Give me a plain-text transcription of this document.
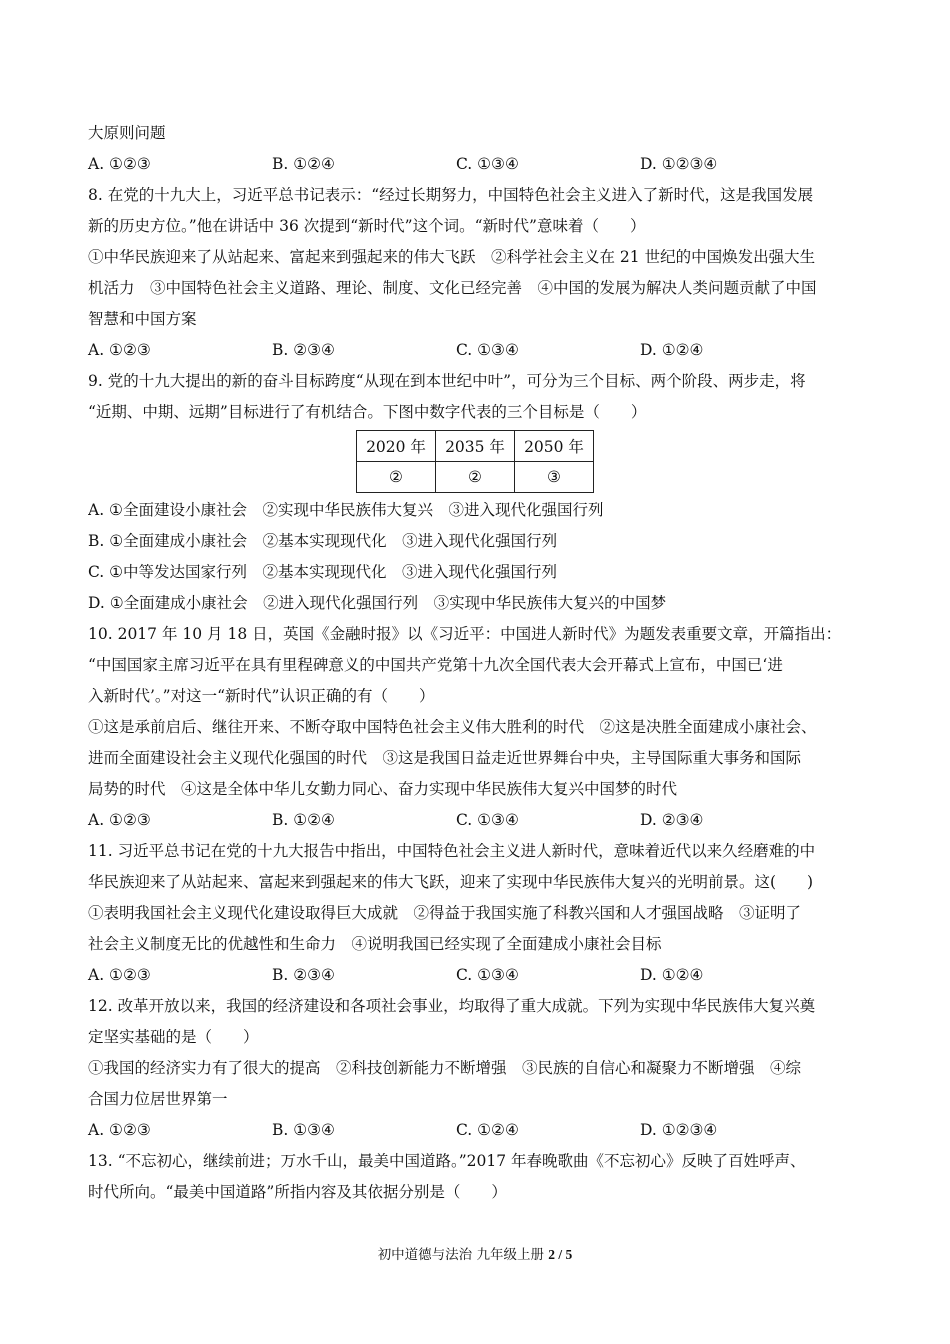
大原则问题
A. ①②③	B. ①②④	C. ①③④	D. ①②③④
8. 在党的十九大上，习近平总书记表示：“经过长期努力，中国特色社会主义进入了新时代，这是我国发展
新的历史方位。”他在讲话中 36 次提到“新时代”这个词。“新时代”意味着（　　）
①中华民族迎来了从站起来、富起来到强起来的伟大飞跃　②科学社会主义在 21 世纪的中国焕发出强大生
机活力　③中国特色社会主义道路、理论、制度、文化已经完善　④中国的发展为解决人类问题贡献了中国
智慧和中国方案
A. ①②③	B. ②③④	C. ①③④	D. ①②④
9. 党的十九大提出的新的奋斗目标跨度“从现在到本世纪中叶”，可分为三个目标、两个阶段、两步走，将
“近期、中期、远期”目标进行了有机结合。下图中数字代表的三个目标是（　　）
2020 年	2035 年	2050 年
②	②	③
A. ①全面建设小康社会　②实现中华民族伟大复兴　③进入现代化强国行列
B. ①全面建成小康社会　②基本实现现代化　③进入现代化强国行列
C. ①中等发达国家行列　②基本实现现代化　③进入现代化强国行列
D. ①全面建成小康社会　②进入现代化强国行列　③实现中华民族伟大复兴的中国梦
10. 2017 年 10 月 18 日，英国《金融时报》以《习近平：中国进人新时代》为题发表重要文章，开篇指出：
“中国国家主席习近平在具有里程碑意义的中国共产党第十九次全国代表大会开幕式上宣布，中国已‘进
入新时代’。”对这一“新时代”认识正确的有（　　）
①这是承前启后、继往开来、不断夺取中国特色社会主义伟大胜利的时代　②这是决胜全面建成小康社会、
进而全面建设社会主义现代化强国的时代　③这是我国日益走近世界舞台中央，主导国际重大事务和国际
局势的时代　④这是全体中华儿女勤力同心、奋力实现中华民族伟大复兴中国梦的时代
A. ①②③	B. ①②④	C. ①③④	D. ②③④
11. 习近平总书记在党的十九大报告中指出，中国特色社会主义进人新时代，意味着近代以来久经磨难的中
华民族迎来了从站起来、富起来到强起来的伟大飞跃，迎来了实现中华民族伟大复兴的光明前景。这(　　)
①表明我国社会主义现代化建设取得巨大成就　②得益于我国实施了科教兴国和人才强国战略　③证明了
社会主义制度无比的优越性和生命力　④说明我国已经实现了全面建成小康社会目标
A. ①②③	B. ②③④	C. ①③④	D. ①②④
12. 改革开放以来，我国的经济建设和各项社会事业，均取得了重大成就。下列为实现中华民族伟大复兴奠
定坚实基础的是（　　）
①我国的经济实力有了很大的提高　②科技创新能力不断增强　③民族的自信心和凝聚力不断增强　④综
合国力位居世界第一
A. ①②③	B. ①③④	C. ①②④	D. ①②③④
13. “不忘初心，继续前进；万水千山，最美中国道路。”2017 年春晚歌曲《不忘初心》反映了百姓呼声、
时代所向。“最美中国道路”所指内容及其依据分别是（　　）
初中道德与法治 九年级上册 2 / 5
